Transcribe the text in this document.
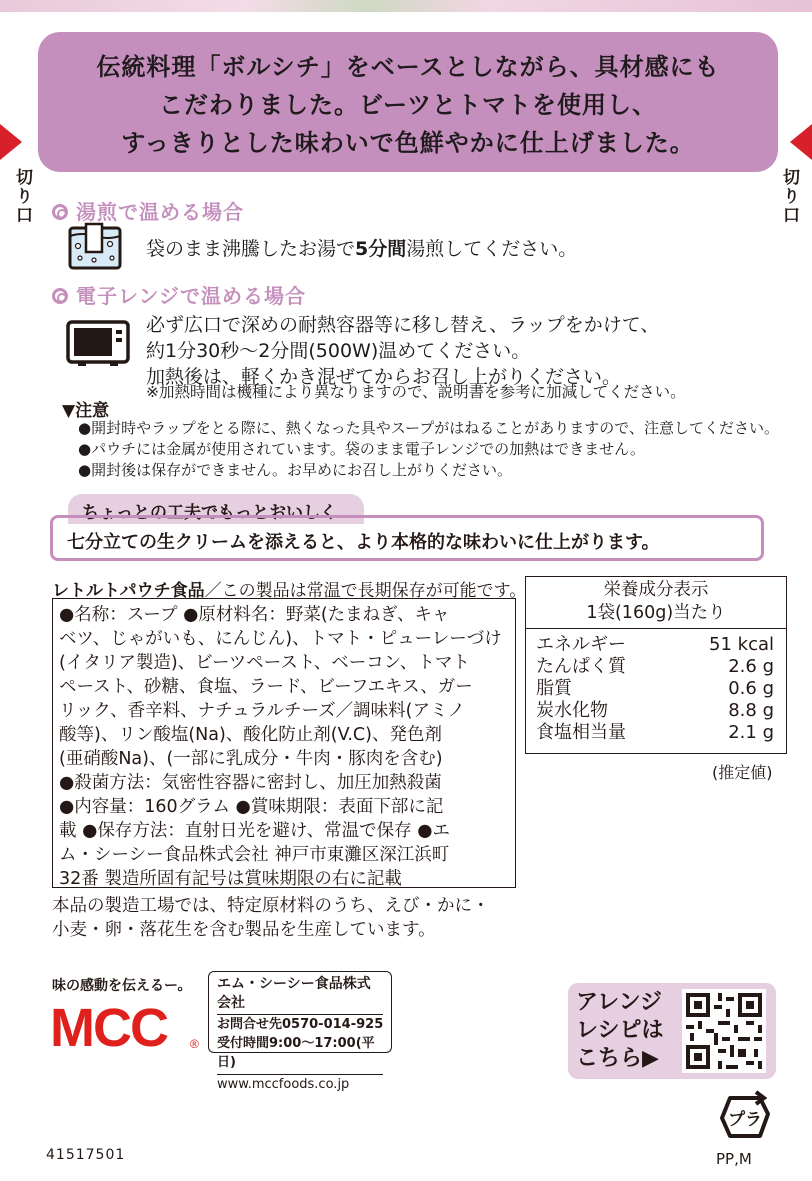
伝統料理「ボルシチ」をベースとしながら、具材感にも
こだわりました。ビーツとトマトを使用し、
すっきりとした味わいで色鮮やかに仕上げました。
切り口	切り口
湯煎で温める場合
袋のまま沸騰したお湯で5分間湯煎してください。
電子レンジで温める場合
必ず広口で深めの耐熱容器等に移し替え、ラップをかけて、
約1分30秒～2分間(500W)温めてください。
加熱後は、軽くかき混ぜてからお召し上がりください。
※加熱時間は機種により異なりますので、説明書を参考に加減してください。
▼注意
●開封時やラップをとる際に、熱くなった具やスープがはねることがありますので、注意してください。
●パウチには金属が使用されています。袋のまま電子レンジでの加熱はできません。
●開封後は保存ができません。お早めにお召し上がりください。
ちょっとの工夫でもっとおいしく
七分立ての生クリームを添えると、より本格的な味わいに仕上がります。
レトルトパウチ食品／この製品は常温で長期保存が可能です。
●名称：スープ ●原材料名：野菜(たまねぎ、キャ
ベツ、じゃがいも、にんじん)、トマト・ピューレーづけ
(イタリア製造)、ビーツペースト、ベーコン、トマト
ペースト、砂糖、食塩、ラード、ビーフエキス、ガー
リック、香辛料、ナチュラルチーズ／調味料(アミノ
酸等)、リン酸塩(Na)、酸化防止剤(V.C)、発色剤
(亜硝酸Na)、(一部に乳成分・牛肉・豚肉を含む)
●殺菌方法：気密性容器に密封し、加圧加熱殺菌
●内容量：160グラム ●賞味期限：表面下部に記
載 ●保存方法：直射日光を避け、常温で保存 ●エ
ム・シーシー食品株式会社 神戸市東灘区深江浜町
32番 製造所固有記号は賞味期限の右に記載
栄養成分表示
1袋(160g)当たり
エネルギー	51 kcal
たんぱく質	2.6 g
脂質	0.6 g
炭水化物	8.8 g
食塩相当量	2.1 g
(推定値)
本品の製造工場では、特定原材料のうち、えび・かに・
小麦・卵・落花生を含む製品を生産しています。
味の感動を伝えるー。
MCC ®
エム・シーシー食品株式会社
お問合せ先0570-014-925
受付時間9:00～17:00(平日)
www.mccfoods.co.jp
アレンジ
レシピは
こちら▶
41517501
プラ
PP,M
